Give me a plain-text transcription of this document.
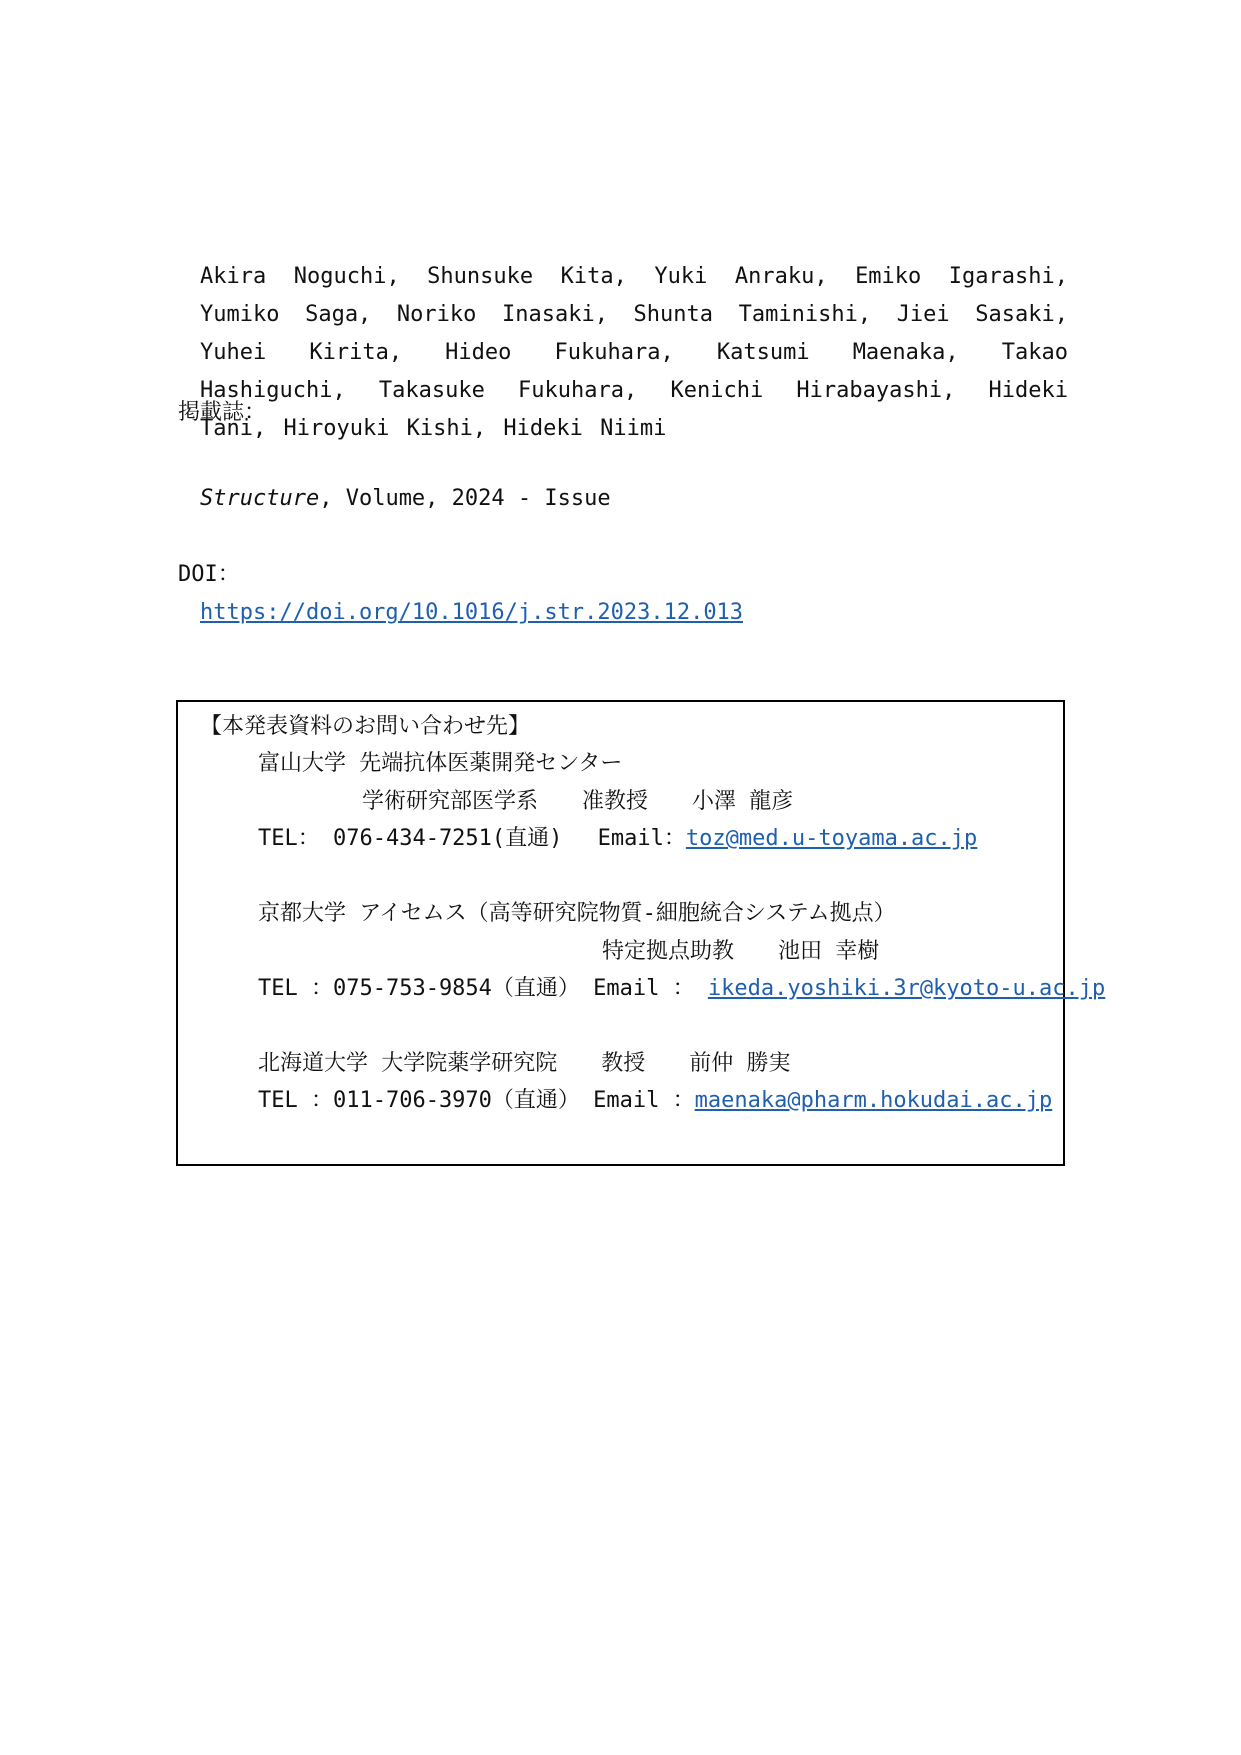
Akira Noguchi, Shunsuke Kita, Yuki Anraku, Emiko Igarashi, Yumiko Saga, Noriko Inasaki, Shunta Taminishi, Jiei Sasaki, Yuhei Kirita, Hideo Fukuhara, Katsumi Maenaka, Takao Hashiguchi, Takasuke Fukuhara, Kenichi Hirabayashi, Hideki Tani, Hiroyuki Kishi, Hideki Niimi

掲載誌：
Structure, Volume, 2024 - Issue
DOI：
https://doi.org/10.1016/j.str.2023.12.013
【本発表資料のお問い合わせ先】
富山大学 先端抗体医薬開発センター
学術研究部医学系　　准教授　　小澤 龍彦
TEL： 076-434-7251(直通)　 Email：toz@med.u-toyama.ac.jp
京都大学 アイセムス（高等研究院物質-細胞統合システム拠点）
特定拠点助教　　池田 幸樹
TEL ：075-753-9854（直通） Email ： ikeda.yoshiki.3r@kyoto-u.ac.jp
北海道大学 大学院薬学研究院　　教授　　前仲 勝実
TEL ：011-706-3970（直通） Email ：maenaka@pharm.hokudai.ac.jp
